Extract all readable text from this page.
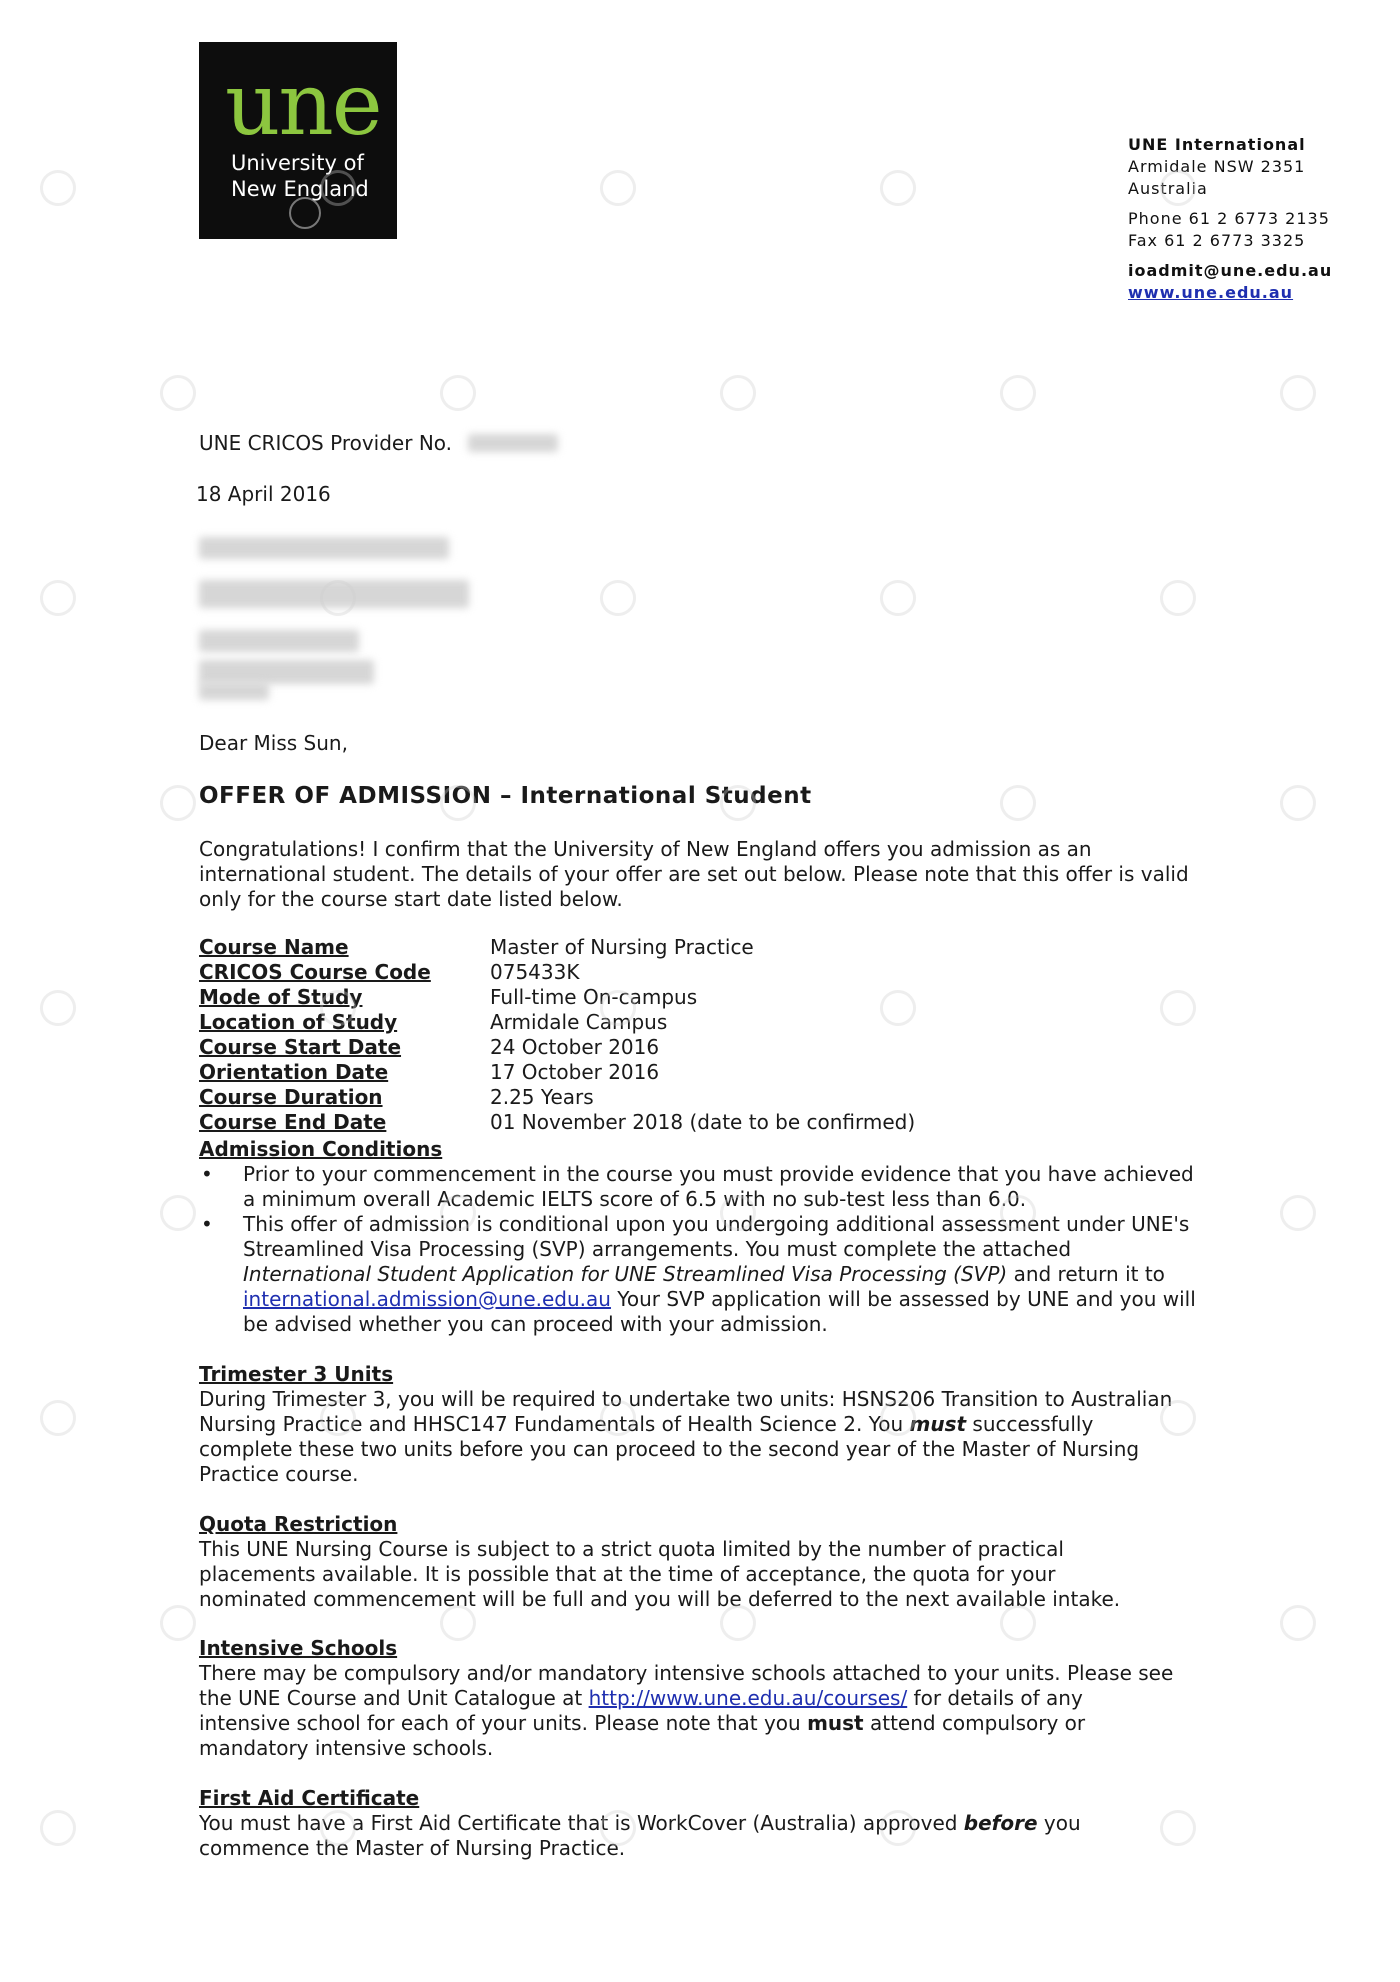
une
University of
New England
UNE International
Armidale NSW 2351
Australia
Phone 61 2 6773 2135
Fax 61 2 6773 3325
ioadmit@une.edu.au
www.une.edu.au
UNE CRICOS Provider No.
18 April 2016
Dear Miss Sun,
OFFER OF ADMISSION – International Student
Congratulations! I confirm that the University of New England offers you admission as an international student. The details of your offer are set out below. Please note that this offer is valid only for the course start date listed below.
Course Name	Master of Nursing Practice
CRICOS Course Code	075433K
Mode of Study	Full-time On-campus
Location of Study	Armidale Campus
Course Start Date	24 October 2016
Orientation Date	17 October 2016
Course Duration	2.25 Years
Course End Date	01 November 2018 (date to be confirmed)
Admission Conditions
• Prior to your commencement in the course you must provide evidence that you have achieved a minimum overall Academic IELTS score of 6.5 with no sub-test less than 6.0.
• This offer of admission is conditional upon you undergoing additional assessment under UNE's Streamlined Visa Processing (SVP) arrangements. You must complete the attached International Student Application for UNE Streamlined Visa Processing (SVP) and return it to international.admission@une.edu.au Your SVP application will be assessed by UNE and you will be advised whether you can proceed with your admission.
Trimester 3 Units
During Trimester 3, you will be required to undertake two units: HSNS206 Transition to Australian Nursing Practice and HHSC147 Fundamentals of Health Science 2. You must successfully complete these two units before you can proceed to the second year of the Master of Nursing Practice course.
Quota Restriction
This UNE Nursing Course is subject to a strict quota limited by the number of practical placements available. It is possible that at the time of acceptance, the quota for your nominated commencement will be full and you will be deferred to the next available intake.
Intensive Schools
There may be compulsory and/or mandatory intensive schools attached to your units. Please see the UNE Course and Unit Catalogue at http://www.une.edu.au/courses/ for details of any intensive school for each of your units. Please note that you must attend compulsory or mandatory intensive schools.
First Aid Certificate
You must have a First Aid Certificate that is WorkCover (Australia) approved before you commence the Master of Nursing Practice.
